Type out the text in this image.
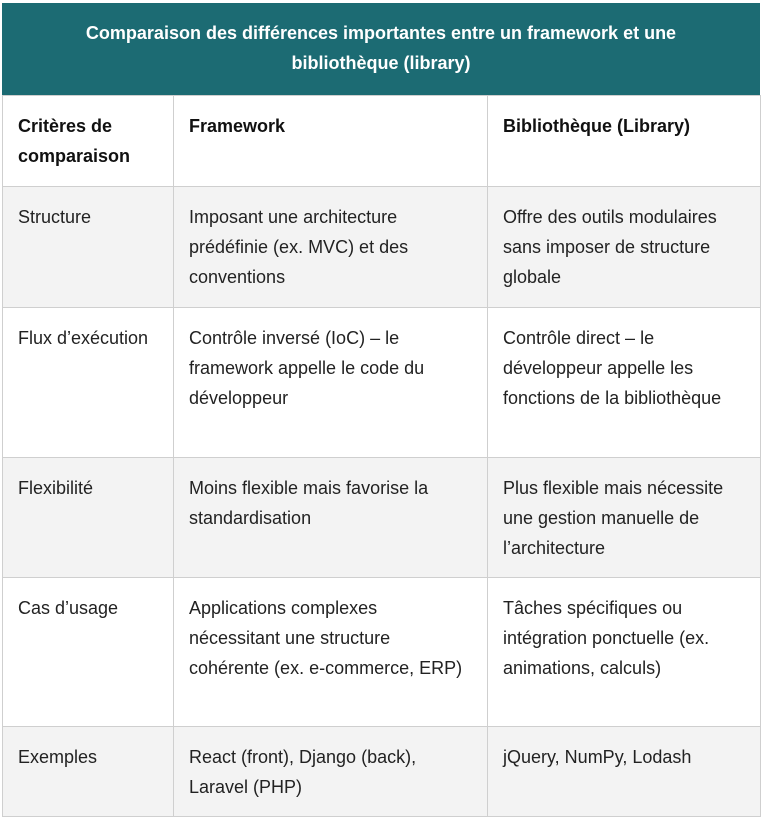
Comparaison des différences importantes entre un framework et une bibliothèque (library)
Critères de comparaison	Framework	Bibliothèque (Library)
Structure	Imposant une architecture prédéfinie (ex. MVC) et des conventions	Offre des outils modulaires sans imposer de structure globale
Flux d’exécution	Contrôle inversé (IoC) – le framework appelle le code du développeur	Contrôle direct – le développeur appelle les fonctions de la bibliothèque
Flexibilité	Moins flexible mais favorise la standardisation	Plus flexible mais nécessite une gestion manuelle de l’architecture
Cas d’usage	Applications complexes nécessitant une structure cohérente (ex. e-commerce, ERP)	Tâches spécifiques ou intégration ponctuelle (ex. animations, calculs)
Exemples	React (front), Django (back), Laravel (PHP)	jQuery, NumPy, Lodash
